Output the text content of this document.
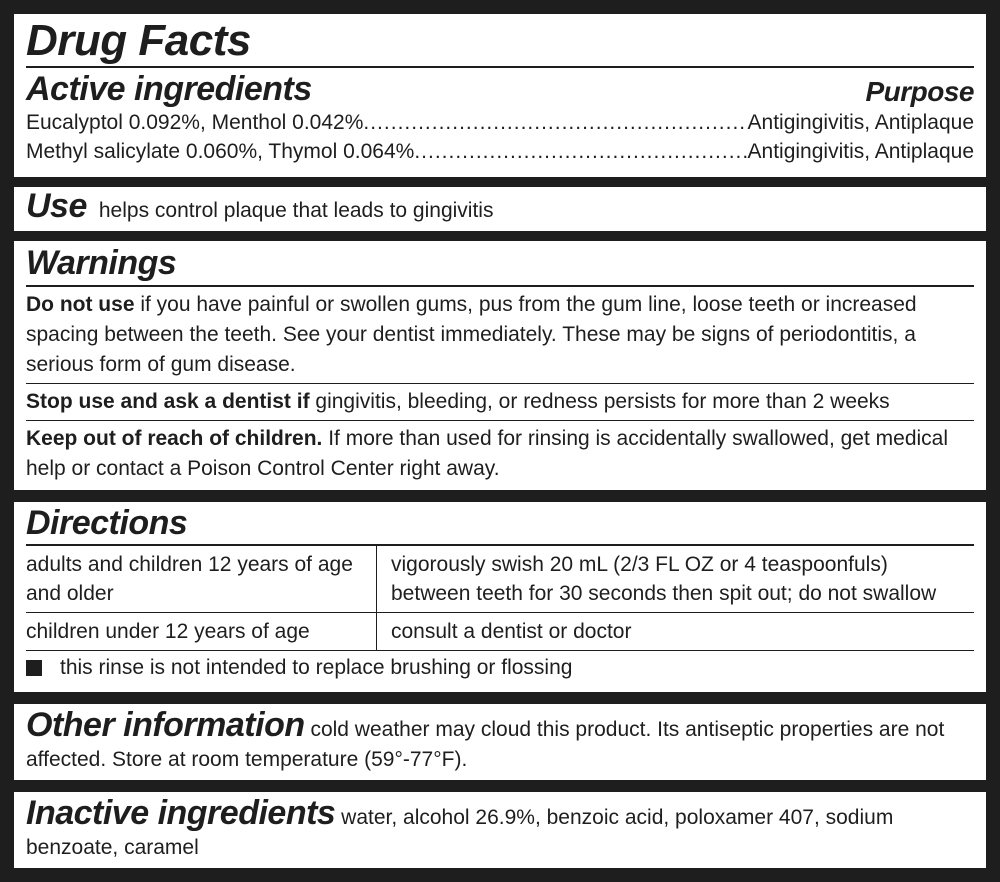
Drug Facts
Active ingredients	Purpose
Eucalyptol 0.092%, Menthol 0.042% .....	Antigingivitis, Antiplaque
Methyl salicylate 0.060%, Thymol 0.064% .....	Antigingivitis, Antiplaque
Use helps control plaque that leads to gingivitis
Warnings
Do not use if you have painful or swollen gums, pus from the gum line, loose teeth or increased spacing between the teeth. See your dentist immediately. These may be signs of periodontitis, a serious form of gum disease.
Stop use and ask a dentist if gingivitis, bleeding, or redness persists for more than 2 weeks
Keep out of reach of children. If more than used for rinsing is accidentally swallowed, get medical help or contact a Poison Control Center right away.
Directions
adults and children 12 years of age and older	vigorously swish 20 mL (2/3 FL OZ or 4 teaspoonfuls) between teeth for 30 seconds then spit out; do not swallow
children under 12 years of age	consult a dentist or doctor
this rinse is not intended to replace brushing or flossing
Other information cold weather may cloud this product. Its antiseptic properties are not affected. Store at room temperature (59°-77°F).
Inactive ingredients water, alcohol 26.9%, benzoic acid, poloxamer 407, sodium benzoate, caramel
